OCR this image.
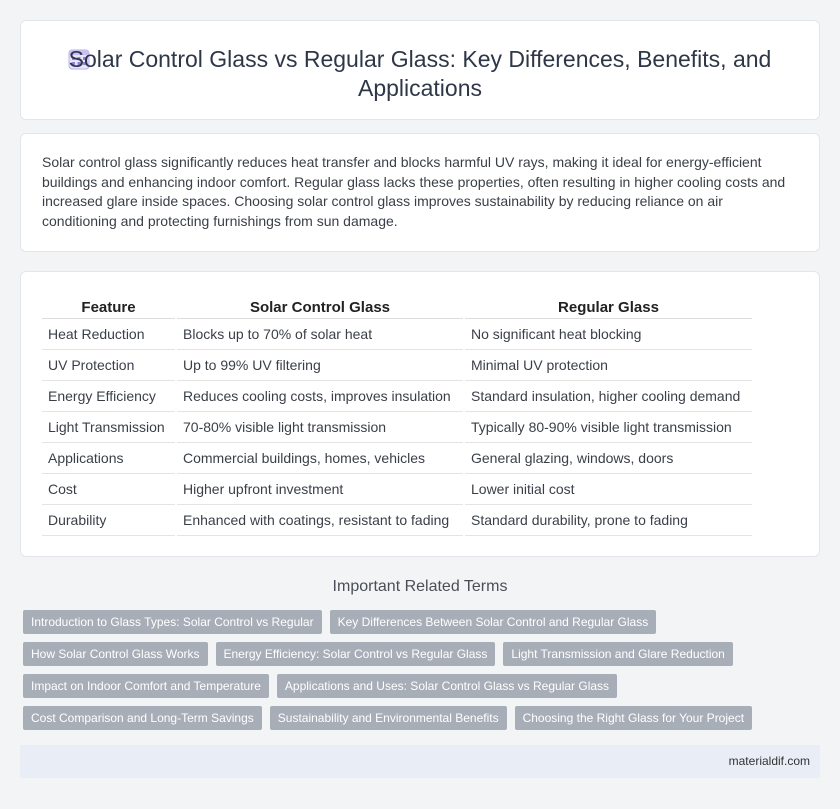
Solar Control Glass vs Regular Glass: Key Differences, Benefits, and Applications

Solar control glass significantly reduces heat transfer and blocks harmful UV rays, making it ideal for energy-efficient buildings and enhancing indoor comfort. Regular glass lacks these properties, often resulting in higher cooling costs and increased glare inside spaces. Choosing solar control glass improves sustainability by reducing reliance on air conditioning and protecting furnishings from sun damage.

Feature	Solar Control Glass	Regular Glass
Heat Reduction	Blocks up to 70% of solar heat	No significant heat blocking
UV Protection	Up to 99% UV filtering	Minimal UV protection
Energy Efficiency	Reduces cooling costs, improves insulation	Standard insulation, higher cooling demand
Light Transmission	70-80% visible light transmission	Typically 80-90% visible light transmission
Applications	Commercial buildings, homes, vehicles	General glazing, windows, doors
Cost	Higher upfront investment	Lower initial cost
Durability	Enhanced with coatings, resistant to fading	Standard durability, prone to fading
Important Related Terms
Introduction to Glass Types: Solar Control vs Regular	Key Differences Between Solar Control and Regular Glass
How Solar Control Glass Works	Energy Efficiency: Solar Control vs Regular Glass	Light Transmission and Glare Reduction
Impact on Indoor Comfort and Temperature	Applications and Uses: Solar Control Glass vs Regular Glass
Cost Comparison and Long-Term Savings	Sustainability and Environmental Benefits	Choosing the Right Glass for Your Project
materialdif.com
